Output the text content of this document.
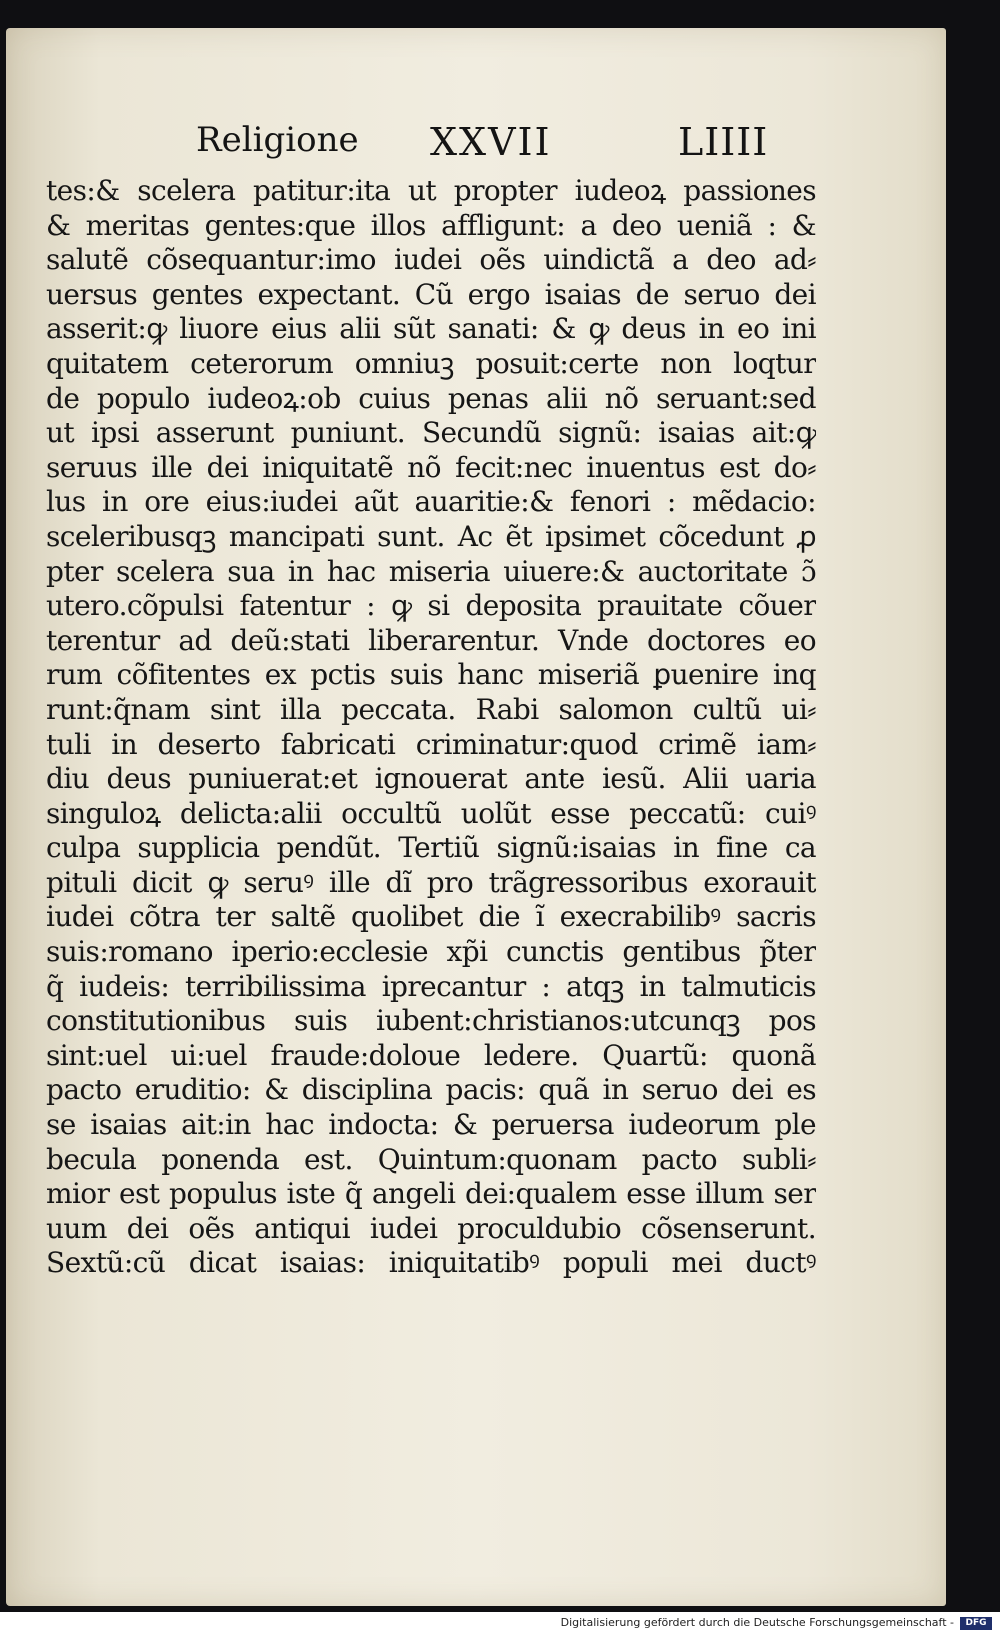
Religione XXVII	LIIII
tes:& scelera patitur:ita ut propter iudeoꝝ passiones
& meritas gentes:que illos affligunt: a deo ueniã : &
salutẽ cõsequantur:imo iudei oẽs uindictã a deo ad⸗
uersus gentes expectant. Cũ ergo isaias de seruo dei
asserit:ꝙ liuore eius alii sũt sanati: & ꝙ deus in eo ini
quitatem ceterorum omniuꝫ posuit:certe non loqtur
de populo iudeoꝝ:ob cuius penas alii nõ seruant:sed
ut ipsi asserunt puniunt. Secundũ signũ: isaias ait:ꝙ
seruus ille dei iniquitatẽ nõ fecit:nec inuentus est do⸗
lus in ore eius:iudei aũt auaritie:& fenori : mẽdacio:
sceleribusqꝫ mancipati sunt. Ac ẽt ipsimet cõcedunt ꝓ
pter scelera sua in hac miseria uiuere:& auctoritate ɔ̃
utero.cõpulsi fatentur : ꝙ si deposita prauitate cõuer
terentur ad deũ:stati liberarentur. Vnde doctores eo
rum cõfitentes ex pctis suis hanc miseriã ꝑuenire inq
runt:q̃nam sint illa peccata. Rabi salomon cultũ ui⸗
tuli in deserto fabricati criminatur:quod crimẽ iam⸗
diu deus puniuerat:et ignouerat ante iesũ. Alii uaria
singuloꝝ delicta:alii occultũ uolũt esse peccatũ: cuiꝰ
culpa supplicia pendũt. Tertiũ signũ:isaias in fine ca
pituli dicit ꝙ seruꝰ ille dĩ pro trãgressoribus exorauit
iudei cõtra ter saltẽ quolibet die ĩ execrabilibꝰ sacris
suis:romano iperio:ecclesie xp̃i cunctis gentibus p̃ter
q̃ iudeis: terribilissima iprecantur : atqꝫ in talmuticis
constitutionibus suis iubent:christianos:utcunqꝫ pos
sint:uel ui:uel fraude:doloue ledere. Quartũ: quonã
pacto eruditio: & disciplina pacis: quã in seruo dei es
se isaias ait:in hac indocta: & peruersa iudeorum ple
becula ponenda est. Quintum:quonam pacto subli⸗
mior est populus iste q̃ angeli dei:qualem esse illum ser
uum dei oẽs antiqui iudei proculdubio cõsenserunt.
Sextũ:cũ dicat isaias: iniquitatibꝰ populi mei ductꝰ
Digitalisierung gefördert durch die Deutsche Forschungsgemeinschaft -	DFG
